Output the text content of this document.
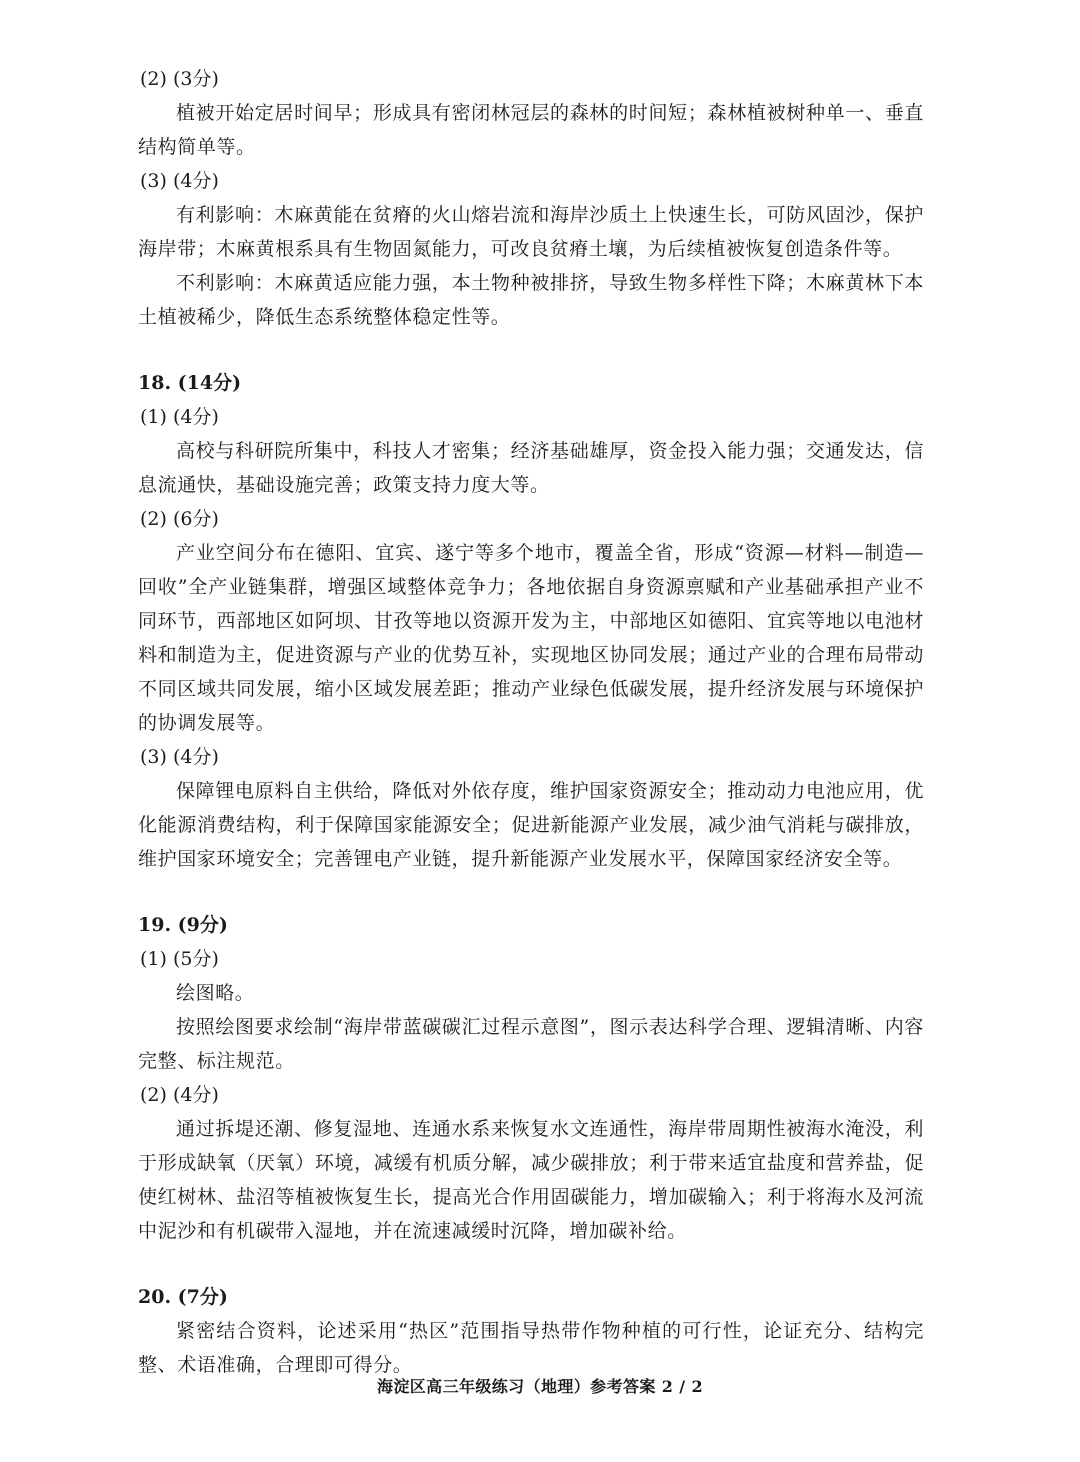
(2) (3分)
植被开始定居时间早；形成具有密闭林冠层的森林的时间短；森林植被树种单一、垂直结构简单等。
(3) (4分)
有利影响：木麻黄能在贫瘠的火山熔岩流和海岸沙质土上快速生长，可防风固沙，保护海岸带；木麻黄根系具有生物固氮能力，可改良贫瘠土壤，为后续植被恢复创造条件等。
不利影响：木麻黄适应能力强，本土物种被排挤，导致生物多样性下降；木麻黄林下本土植被稀少，降低生态系统整体稳定性等。
18. (14分)
(1) (4分)
高校与科研院所集中，科技人才密集；经济基础雄厚，资金投入能力强；交通发达，信息流通快，基础设施完善；政策支持力度大等。
(2) (6分)
产业空间分布在德阳、宜宾、遂宁等多个地市，覆盖全省，形成“资源—材料—制造—回收”全产业链集群，增强区域整体竞争力；各地依据自身资源禀赋和产业基础承担产业不同环节，西部地区如阿坝、甘孜等地以资源开发为主，中部地区如德阳、宜宾等地以电池材料和制造为主，促进资源与产业的优势互补，实现地区协同发展；通过产业的合理布局带动不同区域共同发展，缩小区域发展差距；推动产业绿色低碳发展，提升经济发展与环境保护的协调发展等。
(3) (4分)
保障锂电原料自主供给，降低对外依存度，维护国家资源安全；推动动力电池应用，优化能源消费结构，利于保障国家能源安全；促进新能源产业发展，减少油气消耗与碳排放，维护国家环境安全；完善锂电产业链，提升新能源产业发展水平，保障国家经济安全等。
19. (9分)
(1) (5分)
绘图略。
按照绘图要求绘制“海岸带蓝碳碳汇过程示意图”，图示表达科学合理、逻辑清晰、内容完整、标注规范。
(2) (4分)
通过拆堤还潮、修复湿地、连通水系来恢复水文连通性，海岸带周期性被海水淹没，利于形成缺氧（厌氧）环境，减缓有机质分解，减少碳排放；利于带来适宜盐度和营养盐，促使红树林、盐沼等植被恢复生长，提高光合作用固碳能力，增加碳输入；利于将海水及河流中泥沙和有机碳带入湿地，并在流速减缓时沉降，增加碳补给。
20. (7分)
紧密结合资料，论述采用“热区”范围指导热带作物种植的可行性，论证充分、结构完整、术语准确，合理即可得分。
海淀区高三年级练习（地理）参考答案 2 / 2
